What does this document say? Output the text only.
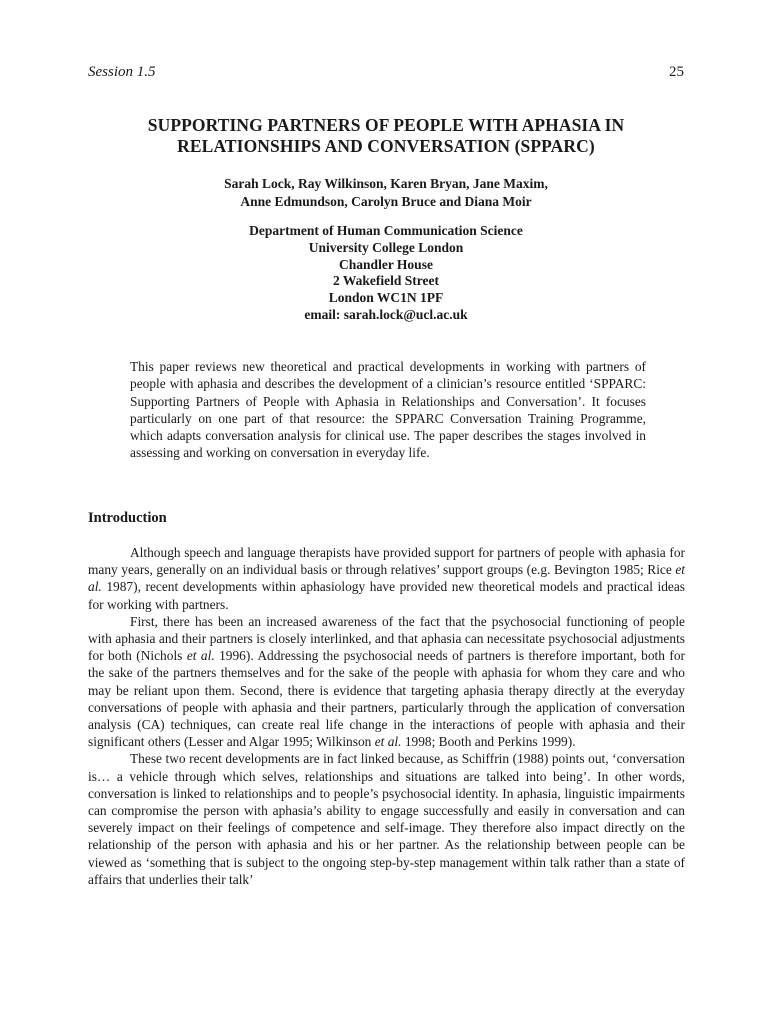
Session 1.5	25
SUPPORTING PARTNERS OF PEOPLE WITH APHASIA IN
RELATIONSHIPS AND CONVERSATION (SPPARC)
Sarah Lock, Ray Wilkinson, Karen Bryan, Jane Maxim,
Anne Edmundson, Carolyn Bruce and Diana Moir
Department of Human Communication Science
University College London
Chandler House
2 Wakefield Street
London WC1N 1PF
email: sarah.lock@ucl.ac.uk

This paper reviews new theoretical and practical developments in working with partners of people with aphasia and describes the development of a clinician’s resource entitled ‘SPPARC: Supporting Partners of People with Aphasia in Relationships and Conversation’. It focuses particularly on one part of that resource: the SPPARC Conversation Training Programme, which adapts conversation analysis for clinical use. The paper describes the stages involved in assessing and working on conversation in everyday life.

Introduction

Although speech and language therapists have provided support for partners of people with aphasia for many years, generally on an individual basis or through relatives’ support groups (e.g. Bevington 1985; Rice et al. 1987), recent developments within aphasiology have provided new theoretical models and practical ideas for working with partners.

First, there has been an increased awareness of the fact that the psychosocial functioning of people with aphasia and their partners is closely interlinked, and that aphasia can necessitate psychosocial adjustments for both (Nichols et al. 1996). Addressing the psychosocial needs of partners is therefore important, both for the sake of the partners themselves and for the sake of the people with aphasia for whom they care and who may be reliant upon them. Second, there is evidence that targeting aphasia therapy directly at the everyday conversations of people with aphasia and their partners, particularly through the application of conversation analysis (CA) techniques, can create real life change in the interactions of people with aphasia and their significant others (Lesser and Algar 1995; Wilkinson et al. 1998; Booth and Perkins 1999).

These two recent developments are in fact linked because, as Schiffrin (1988) points out, ‘conversation is… a vehicle through which selves, relationships and situations are talked into being’. In other words, conversation is linked to relationships and to people’s psychosocial identity. In aphasia, linguistic impairments can compromise the person with aphasia’s ability to engage successfully and easily in conversation and can severely impact on their feelings of competence and self-image. They therefore also impact directly on the relationship of the person with aphasia and his or her partner. As the relationship between people can be viewed as ‘something that is subject to the ongoing step-by-step management within talk rather than a state of affairs that underlies their talk’
